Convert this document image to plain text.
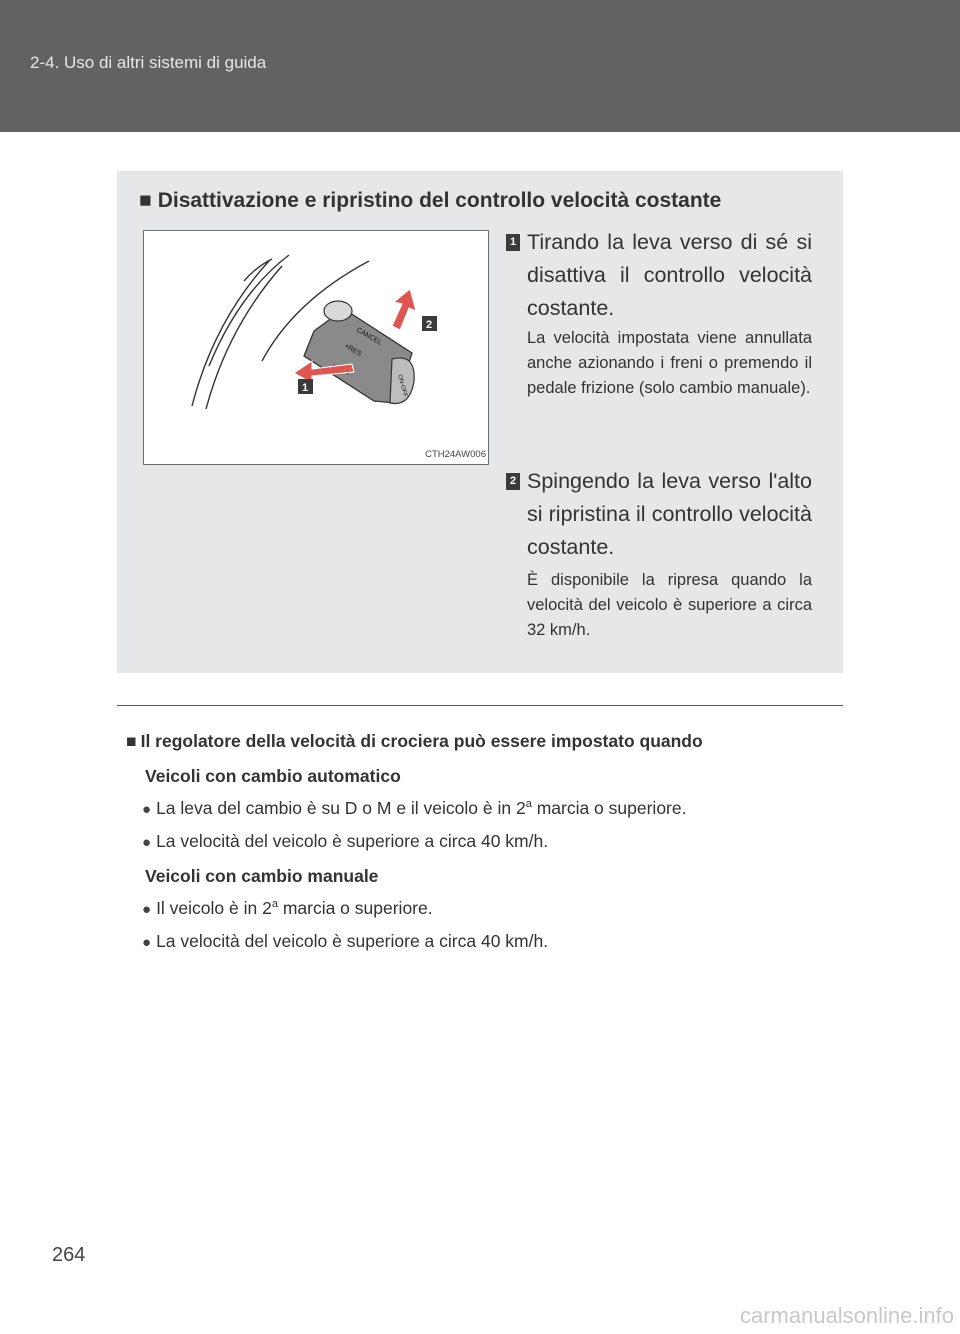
2-4. Uso di altri sistemi di guida
■ Disattivazione e ripristino del controllo velocità costante
CANCEL
+RES
ON-OFF
1
2
CTH24AW006
1 Tirando la leva verso di sé si disattiva il controllo velocità costante.
La velocità impostata viene annullata anche azionando i freni o premendo il pedale frizione (solo cambio manuale).
2 Spingendo la leva verso l'alto si ripristina il controllo velocità costante.
È disponibile la ripresa quando la velocità del veicolo è superiore a circa 32 km/h.
■ Il regolatore della velocità di crociera può essere impostato quando
Veicoli con cambio automatico
● La leva del cambio è su D o M e il veicolo è in 2$^a$ marcia o superiore.
● La velocità del veicolo è superiore a circa 40 km/h.
Veicoli con cambio manuale
● Il veicolo è in 2$^a$ marcia o superiore.
● La velocità del veicolo è superiore a circa 40 km/h.
264
carmanualsonline.info
